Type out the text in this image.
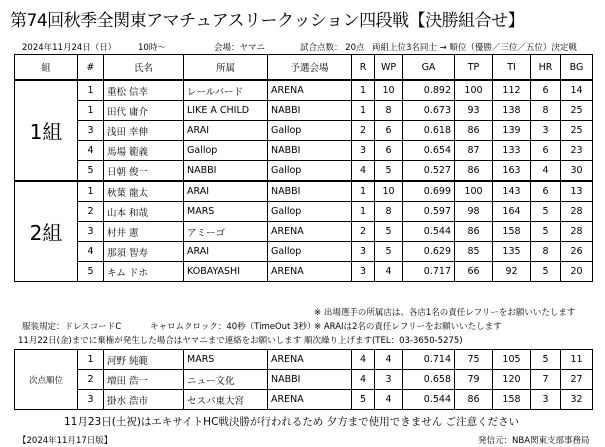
第74回秋季全関東アマチュアスリークッション四段戦【決勝組合せ】
2024年11月24日（日）	10時～	会場：ヤマニ	試合点数： 20点 両組上位3名同士 → 順位（優勝／三位／五位）決定戦
組	#	氏名	所属	予選会場	R	WP	GA	TP	TI	HR	BG
1組	1	重松 信幸	レールバード	ARENA	1	10	0.892	100	112	6	14
	1	田代 庸介	LIKE A CHILD	NABBI	1	8	0.673	93	138	8	25
	3	浅田 幸伸	ARAI	Gallop	2	6	0.618	86	139	3	25
	4	馬場 範義	Gallop	NABBI	3	6	0.654	87	133	6	23
	5	日朝 俊一	NABBI	Gallop	4	5	0.527	86	163	4	30
2組	1	秋葉 龍太	ARAI	NABBI	1	10	0.699	100	143	6	13
	2	山本 和哉	MARS	Gallop	1	8	0.597	98	164	5	28
	3	村井 憲	アミーゴ	ARENA	2	5	0.544	86	158	5	28
	4	那須 智寿	ARAI	Gallop	3	5	0.629	85	135	8	26
	5	キム ドホ	KOBAYASHI	ARENA	3	4	0.717	66	92	5	20
※ 出場選手の所属店は、各店1名の責任レフリーをお願いいたします
服装規定：ドレスコードC	キャロムクロック：40秒（TimeOut 3秒）
※ ARAIは2名の責任レフリーをお願いいたします
11月22日(金)までに棄権が発生した場合はヤマニまで連絡をお願いします 順次繰り上げます(TEL：03-3650-5275)
次点順位	1	河野 純範	MARS	ARENA	4	4	0.714	75	105	5	11
	2	増田 浩一	ニュー文化	NABBI	4	3	0.658	79	120	7	27
	3	掛水 浩市	セスパ東大宮	ARENA	5	4	0.544	86	158	3	32
11月23日(土祝)はエキサイトHC戦決勝が行われるため 夕方まで使用できません ご注意ください
【2024年11月17日版】	発信元：NBA関東支部事務局
